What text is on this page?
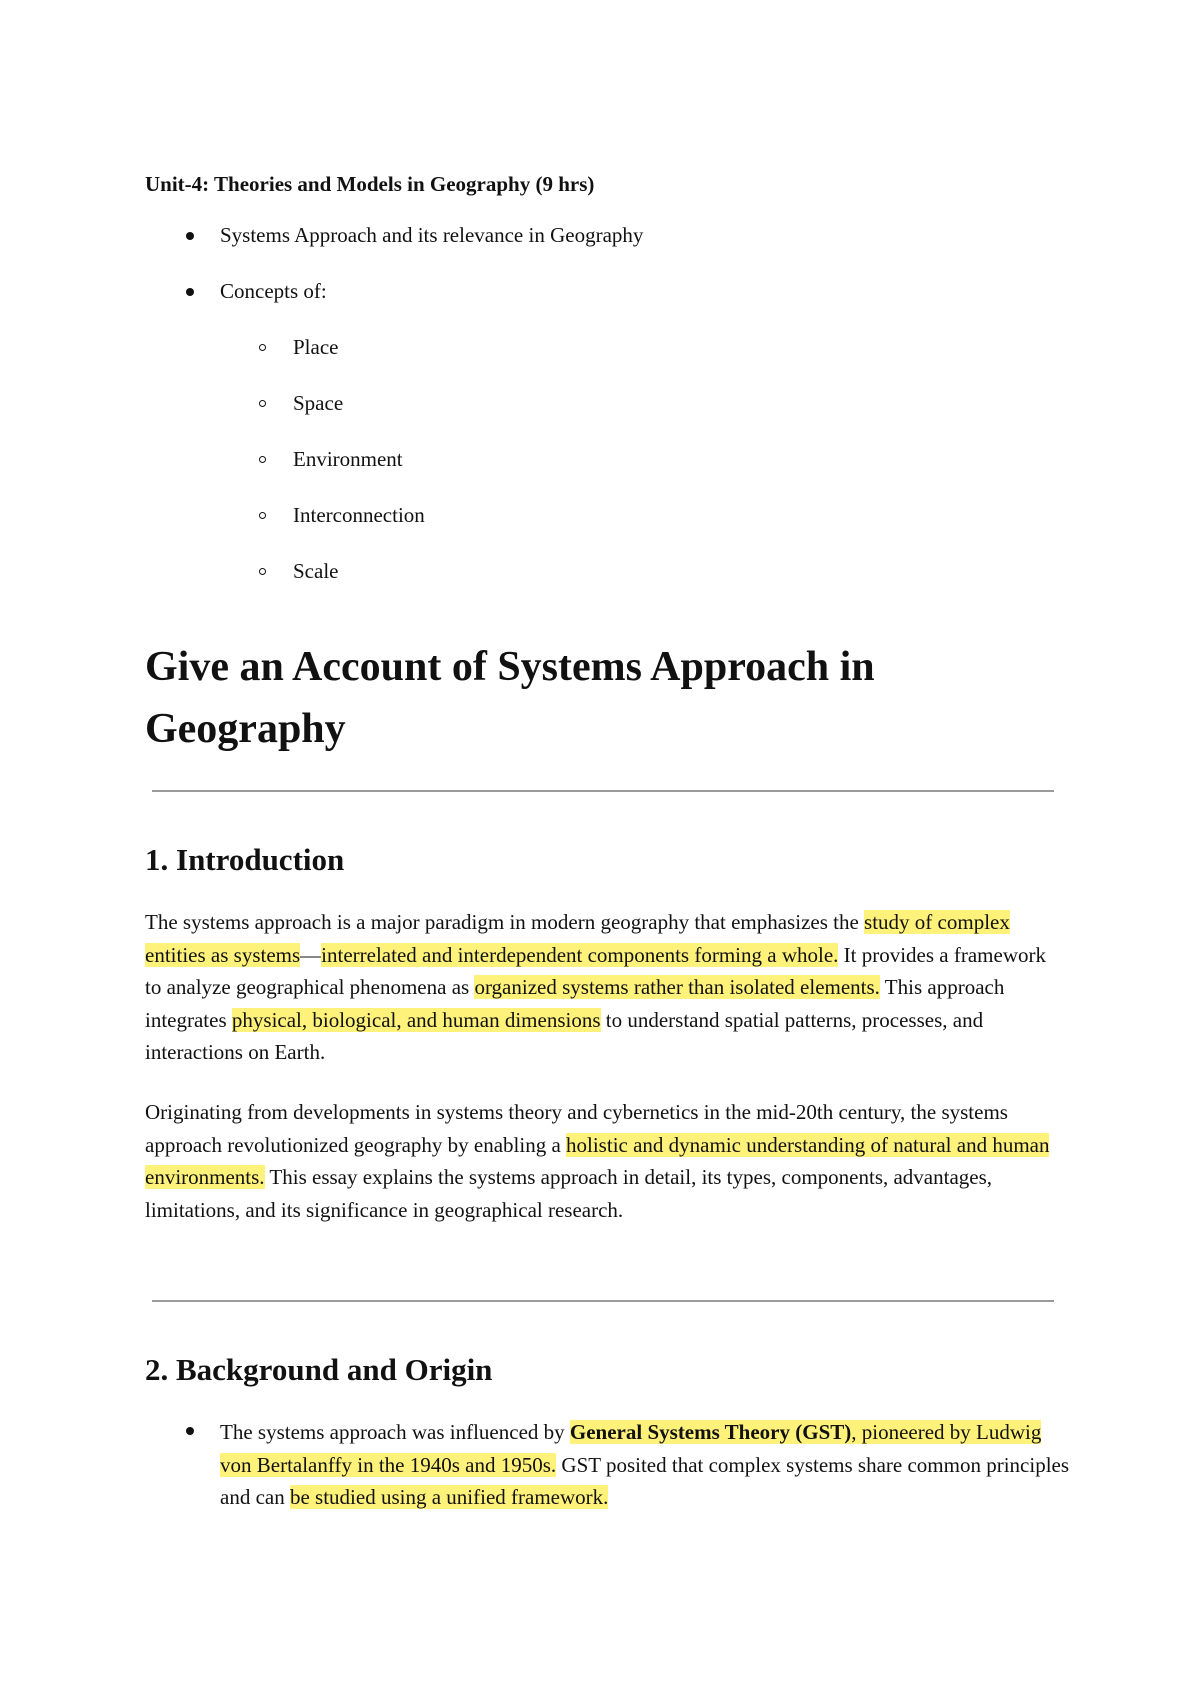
Unit-4: Theories and Models in Geography (9 hrs)
Systems Approach and its relevance in Geography
Concepts of:
Place
Space
Environment
Interconnection
Scale
Give an Account of Systems Approach in
Geography
1. Introduction
The systems approach is a major paradigm in modern geography that emphasizes the study of complex entities as systems—interrelated and interdependent components forming a whole. It provides a framework to analyze geographical phenomena as organized systems rather than isolated elements. This approach integrates physical, biological, and human dimensions to understand spatial patterns, processes, and interactions on Earth.
Originating from developments in systems theory and cybernetics in the mid-20th century, the systems approach revolutionized geography by enabling a holistic and dynamic understanding of natural and human environments. This essay explains the systems approach in detail, its types, components, advantages, limitations, and its significance in geographical research.
2. Background and Origin
The systems approach was influenced by General Systems Theory (GST), pioneered by Ludwig von Bertalanffy in the 1940s and 1950s. GST posited that complex systems share common principles and can be studied using a unified framework.
